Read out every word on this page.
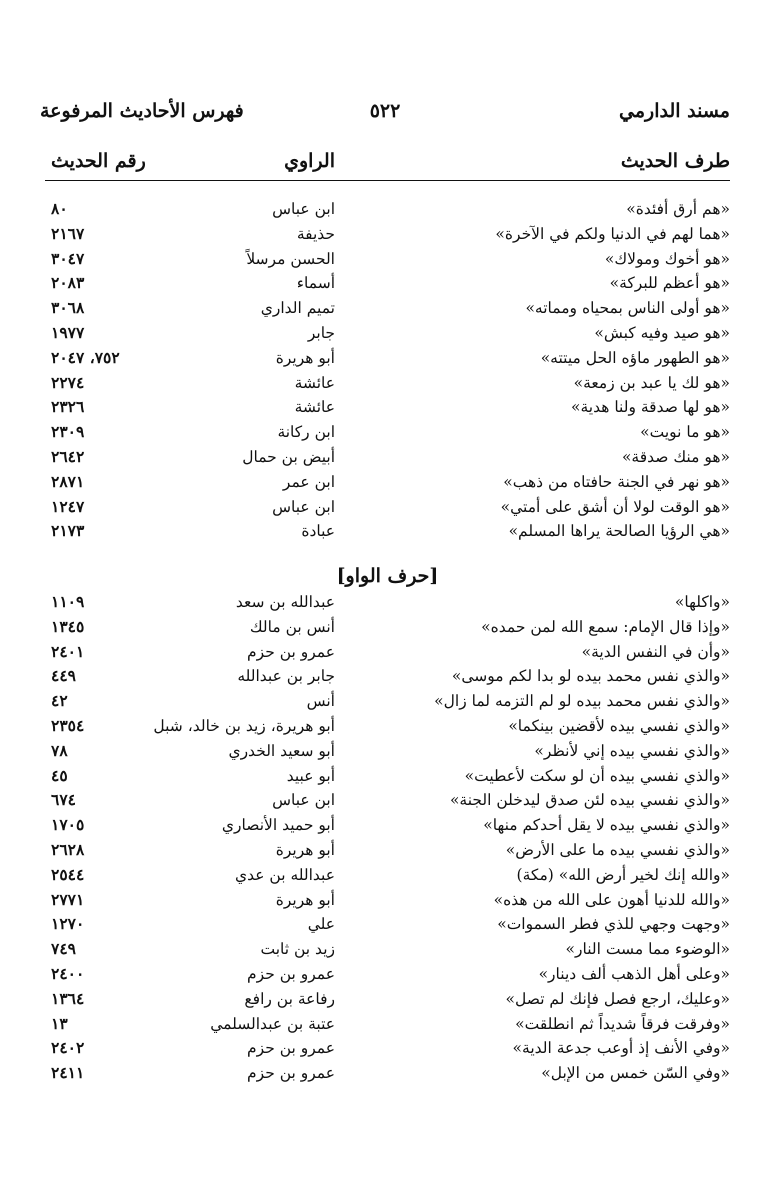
مسند الدارمي
٥٢٢
فهرس الأحاديث المرفوعة
طرف الحديث
الراوي
رقم الحديث
«هم أرق أفئدة»
ابن عباس
٨٠
«هما لهم في الدنيا ولكم في الآخرة»
حذيفة
٢١٦٧
«هو أخوك ومولاك»
الحسن مرسلاً
٣٠٤٧
«هو أعظم للبركة»
أسماء
٢٠٨٣
«هو أولى الناس بمحياه ومماته»
تميم الداري
٣٠٦٨
«هو صيد وفيه كبش»
جابر
١٩٧٧
«هو الطهور ماؤه الحل ميتته»
أبو هريرة
٧٥٢، ٢٠٤٧
«هو لك يا عبد بن زمعة»
عائشة
٢٢٧٤
«هو لها صدقة ولنا هدية»
عائشة
٢٣٢٦
«هو ما نويت»
ابن ركانة
٢٣٠٩
«هو منك صدقة»
أبيض بن حمال
٢٦٤٢
«هو نهر في الجنة حافتاه من ذهب»
ابن عمر
٢٨٧١
«هو الوقت لولا أن أشق على أمتي»
ابن عباس
١٢٤٧
«هي الرؤيا الصالحة يراها المسلم»
عبادة
٢١٧٣
[حرف الواو]
«واكلها»
عبدالله بن سعد
١١٠٩
«وإذا قال الإمام: سمع الله لمن حمده»
أنس بن مالك
١٣٤٥
«وأن في النفس الدية»
عمرو بن حزم
٢٤٠١
«والذي نفس محمد بيده لو بدا لكم موسى»
جابر بن عبدالله
٤٤٩
«والذي نفس محمد بيده لو لم التزمه لما زال»
أنس
٤٢
«والذي نفسي بيده لأقضين بينكما»
أبو هريرة، زيد بن خالد، شبل
٢٣٥٤
«والذي نفسي بيده إني لأنظر»
أبو سعيد الخدري
٧٨
«والذي نفسي بيده أن لو سكت لأعطيت»
أبو عبيد
٤٥
«والذي نفسي بيده لئن صدق ليدخلن الجنة»
ابن عباس
٦٧٤
«والذي نفسي بيده لا يقل أحدكم منها»
أبو حميد الأنصاري
١٧٠٥
«والذي نفسي بيده ما على الأرض»
أبو هريرة
٢٦٢٨
«والله إنك لخير أرض الله» (مكة)
عبدالله بن عدي
٢٥٤٤
«والله للدنيا أهون على الله من هذه»
أبو هريرة
٢٧٧١
«وجهت وجهي للذي فطر السموات»
علي
١٢٧٠
«الوضوء مما مست النار»
زيد بن ثابت
٧٤٩
«وعلى أهل الذهب ألف دينار»
عمرو بن حزم
٢٤٠٠
«وعليك، ارجع فصل فإنك لم تصل»
رفاعة بن رافع
١٣٦٤
«وفرقت فرقاً شديداً ثم انطلقت»
عتبة بن عبدالسلمي
١٣
«وفي الأنف إذ أوعب جدعة الدية»
عمرو بن حزم
٢٤٠٢
«وفي السّن خمس من الإبل»
عمرو بن حزم
٢٤١١
